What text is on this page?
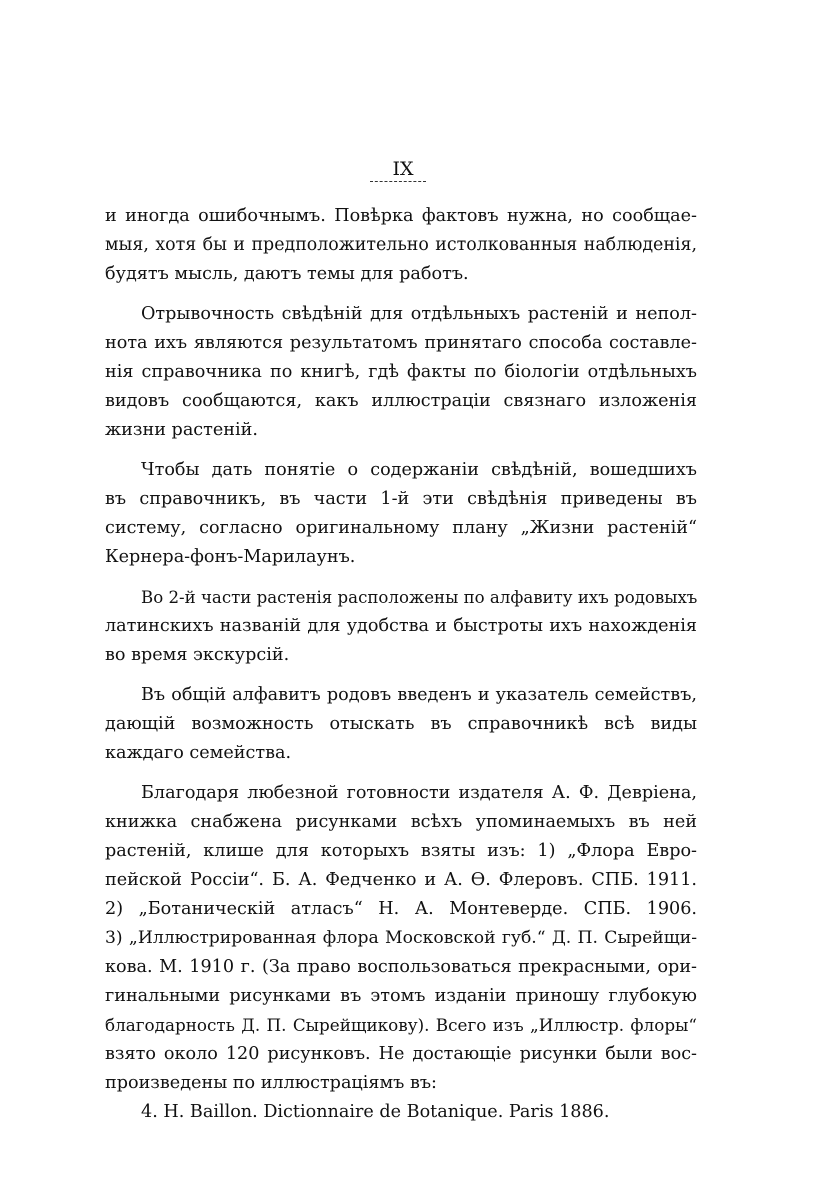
IX
и иногда ошибочнымъ. Повѣрка фактовъ нужна, но сообщае-
мыя, хотя бы и предположительно истолкованныя наблюденія,
будятъ мысль, даютъ темы для работъ.
Отрывочность свѣдѣній для отдѣльныхъ растеній и непол-
нота ихъ являются результатомъ принятаго способа составле-
нія справочника по книгѣ, гдѣ факты по біологіи отдѣльныхъ
видовъ сообщаются, какъ иллюстраціи связнаго изложенія
жизни растеній.
Чтобы дать понятіе о содержаніи свѣдѣній, вошедшихъ
въ справочникъ, въ части 1-й эти свѣдѣнія приведены въ
систему, согласно оригинальному плану „Жизни растеній“
Кернера-фонъ-Марилаунъ.
Во 2-й части растенія расположены по алфавиту ихъ родовыхъ
латинскихъ названій для удобства и быстроты ихъ нахожденія
во время экскурсій.
Въ общій алфавитъ родовъ введенъ и указатель семействъ,
дающій возможность отыскать въ справочникѣ всѣ виды
каждаго семейства.
Благодаря любезной готовности издателя А. Ф. Девріена,
книжка снабжена рисунками всѣхъ упоминаемыхъ въ ней
растеній, клише для которыхъ взяты изъ: 1) „Флора Евро-
пейской Россіи“. Б. А. Федченко и А. Ѳ. Флеровъ. СПБ. 1911.
2) „Ботаническій атласъ“ Н. А. Монтеверде. СПБ. 1906.
3) „Иллюстрированная флора Московской губ.“ Д. П. Сырейщи-
кова. М. 1910 г. (За право воспользоваться прекрасными, ори-
гинальными рисунками въ этомъ изданіи приношу глубокую
благодарность Д. П. Сырейщикову). Всего изъ „Иллюстр. флоры“
взято около 120 рисунковъ. Не достающіе рисунки были вос-
произведены по иллюстраціямъ въ:
4. H. Baillon. Dictionnaire de Botanique. Paris 1886.
